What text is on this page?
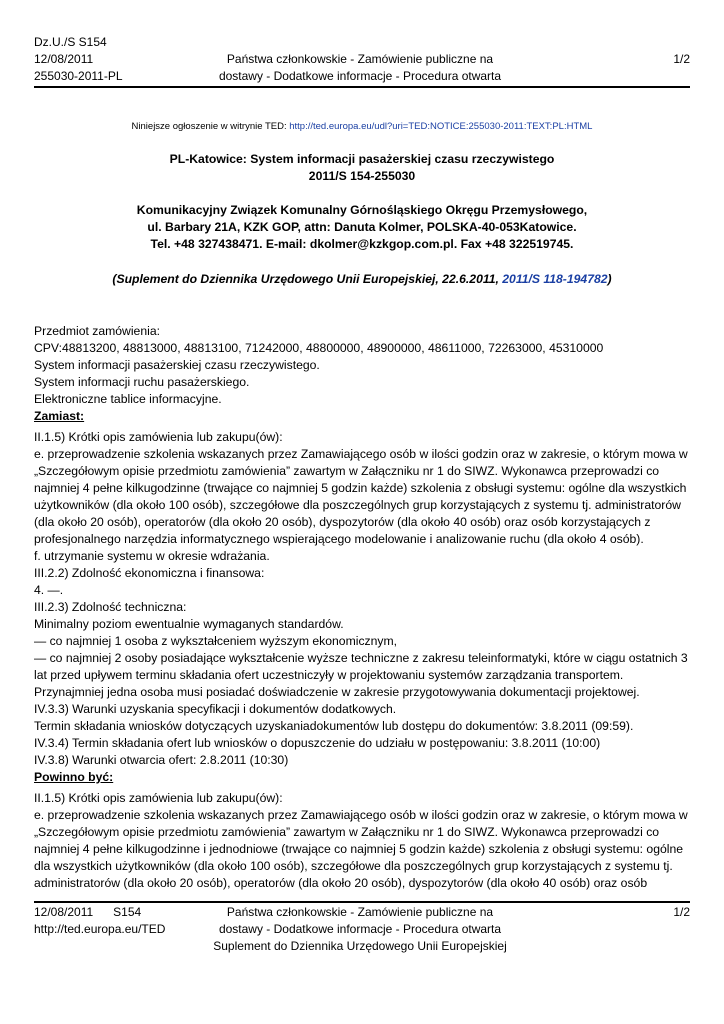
Dz.U./S S154
12/08/2011
255030-2011-PL
Państwa członkowskie - Zamówienie publiczne na
dostawy - Dodatkowe informacje - Procedura otwarta
1/2
Niniejsze ogłoszenie w witrynie TED: http://ted.europa.eu/udl?uri=TED:NOTICE:255030-2011:TEXT:PL:HTML
PL-Katowice: System informacji pasażerskiej czasu rzeczywistego
2011/S 154-255030
Komunikacyjny Związek Komunalny Górnośląskiego Okręgu Przemysłowego,
ul. Barbary 21A, KZK GOP, attn: Danuta Kolmer, POLSKA-40-053Katowice.
Tel. +48 327438471. E-mail: dkolmer@kzkgop.com.pl. Fax +48 322519745.
(Suplement do Dziennika Urzędowego Unii Europejskiej, 22.6.2011, 2011/S 118-194782)

Przedmiot zamówienia:

CPV:48813200, 48813000, 48813100, 71242000, 48800000, 48900000, 48611000, 72263000, 45310000

System informacji pasażerskiej czasu rzeczywistego.

System informacji ruchu pasażerskiego.

Elektroniczne tablice informacyjne.

Zamiast:

II.1.5) Krótki opis zamówienia lub zakupu(ów):

e. przeprowadzenie szkolenia wskazanych przez Zamawiającego osób w ilości godzin oraz w zakresie, o którym mowa w „Szczegółowym opisie przedmiotu zamówienia” zawartym w Załączniku nr 1 do SIWZ. Wykonawca przeprowadzi co najmniej 4 pełne kilkugodzinne (trwające co najmniej 5 godzin każde) szkolenia z obsługi systemu: ogólne dla wszystkich użytkowników (dla około 100 osób), szczegółowe dla poszczególnych grup korzystających z systemu tj. administratorów (dla około 20 osób), operatorów (dla około 20 osób), dyspozytorów (dla około 40 osób) oraz osób korzystających z profesjonalnego narzędzia informatycznego wspierającego modelowanie i analizowanie ruchu (dla około 4 osób).

f. utrzymanie systemu w okresie wdrażania.

III.2.2) Zdolność ekonomiczna i finansowa:

4. —.

III.2.3) Zdolność techniczna:

Minimalny poziom ewentualnie wymaganych standardów.

— co najmniej 1 osoba z wykształceniem wyższym ekonomicznym,

— co najmniej 2 osoby posiadające wykształcenie wyższe techniczne z zakresu teleinformatyki, które w ciągu ostatnich 3 lat przed upływem terminu składania ofert uczestniczyły w projektowaniu systemów zarządzania transportem. Przynajmniej jedna osoba musi posiadać doświadczenie w zakresie przygotowywania dokumentacji projektowej.

IV.3.3) Warunki uzyskania specyfikacji i dokumentów dodatkowych.

Termin składania wniosków dotyczących uzyskaniadokumentów lub dostępu do dokumentów: 3.8.2011 (09:59).

IV.3.4) Termin składania ofert lub wniosków o dopuszczenie do udziału w postępowaniu: 3.8.2011 (10:00)

IV.3.8) Warunki otwarcia ofert: 2.8.2011 (10:30)

Powinno być:

II.1.5) Krótki opis zamówienia lub zakupu(ów):

e. przeprowadzenie szkolenia wskazanych przez Zamawiającego osób w ilości godzin oraz w zakresie, o którym mowa w „Szczegółowym opisie przedmiotu zamówienia” zawartym w Załączniku nr 1 do SIWZ. Wykonawca przeprowadzi co najmniej 4 pełne kilkugodzinne i jednodniowe (trwające co najmniej 5 godzin każde) szkolenia z obsługi systemu: ogólne dla wszystkich użytkowników (dla około 100 osób), szczegółowe dla poszczególnych grup korzystających z systemu tj. administratorów (dla około 20 osób), operatorów (dla około 20 osób), dyspozytorów (dla około 40 osób) oraz osób

12/08/2011      S154
http://ted.europa.eu/TED
Państwa członkowskie - Zamówienie publiczne na
dostawy - Dodatkowe informacje - Procedura otwarta
Suplement do Dziennika Urzędowego Unii Europejskiej
1/2
